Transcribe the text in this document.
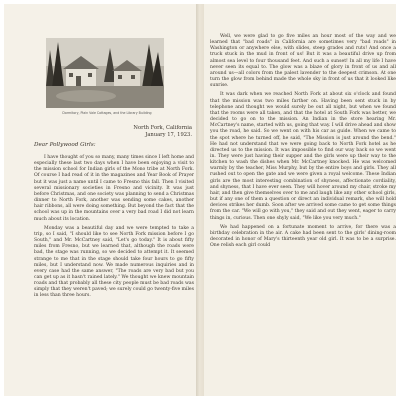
Dormitory, Plain Vale Cottages, and the Library Building
North Fork, California
January 17, 1923.
Dear Pollywood Girls:

I have thought of you so many, many times since I left home and especially these last two days when I have been enjoying a visit to the mission school for Indian girls of the Mono tribe at North Fork. Of course I had read of it in the magazines and Year Book of Prayer but it was just a name until I came to Fresno this fall. Then I visited several missionary societies in Fresno and vicinity. It was just before Christmas, and one society was planning to send a Christmas dinner to North Fork, another was sending some cakes, another hair ribbons, all were doing something. But beyond the fact that the school was up in the mountains over a very bad road I did not learn much about its location.

Monday was a beautiful day and we were tempted to take a trip, so I said, "I should like to see North Fork mission before I go South," and Mr. McCartney said, "Let's go today." It is about fifty miles from Fresno, but we learned that, although the roads were bad, the stage was running, so we decided to attempt it. It seemed strange to me that in the stage should take four hours to go fifty miles, but I understand now. We made numerous inquiries and in every case had the same answer, "The roads are very bad but you can get up as it hasn't rained lately." We thought we knew mountain roads and that probably all these city people must be bad roads was simply that they weren't paved; we surely could go twenty-five miles in less than three hours.

Well, we were glad to go five miles an hour most of the way and we learned that "bad roads" in California are sometimes very "bad roads" in Washington or anywhere else, with slides, steep grades and ruts! And once a truck stuck in the mud in front of us! But it was a beautiful drive up from almost sea level to four thousand feet. And such a sunset! In all my life I have never seen its equal to. The glow was a blaze of glory in front of us and all around us—all colors from the palest lavender to the deepest crimson. At one turn the glow from behind made the whole sky in front of us that it looked like sunrise.

It was dark when we reached North Fork at about six o'clock and found that the mission was two miles farther on. Having been sent stuck in by telephone and thought we would surely be out all night, but when we found that the rooms were all taken, and that the hotel at South Fork was better, we decided to go on to the mission. An Indian in the store hearing Mr. McCartney's name, started with us, going that way. I will drive ahead and show you the road, he said. So we went on with his car as guide. When we came to the spot where he turned off, he said, "The Mission is just around the bend." He had not understand that we were going back to North Fork hotel as he directed us to the mission. It was impossible to find our way back so we went in. They were just having their supper and the girls were up their way to the kitchen to wash the dishes when Mr. McCartney knocked. He was welcomed warmly by the teacher, Miss Murphy, but by the entire boys and girls. They all rushed out to open the gate and we were given a royal welcome. These Indian girls are the most interesting combination of shyness, affectionate cordiality, and shyness, that I have ever seen. They will hover around my chair, stroke my hair, and then give themselves over to me and laugh like any other school girls, but if any one of them a question or direct an individual remark, she will hold devices strikes her dumb. Soon after we arrived some came to get some things from the car. "We will go with you," they said and out they went, eager to carry things in, curious. Then one shyly said, "We like you very much."

We had happened on a fortunate moment to arrive, for there was a birthday celebration in the air. A cake had been sent to the girls' dining-room decorated in honor of Mary's thirteenth year old girl. It was to be a surprise. One relish each girl could
